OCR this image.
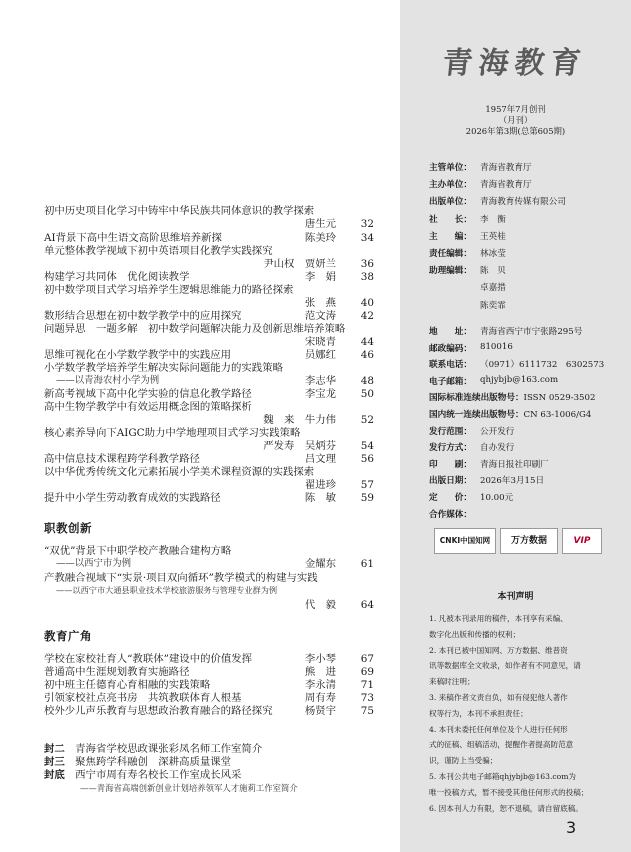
初中历史项目化学习中铸牢中华民族共同体意识的教学探索
唐生元 32
AI背景下高中生语文高阶思维培养新探	陈美玲 34
单元整体教学视域下初中英语项目化教学实践探究
尹山权　贾妍兰 36
构建学习共同体　优化阅读教学	李　娟 38
初中数学项目式学习培养学生逻辑思维能力的路径探索
张　燕 40
数形结合思想在初中数学教学中的应用探究	范文涛 42
问题异思　一题多解　初中数学问题解决能力及创新思维培养策略
宋晓青 44
思维可视化在小学数学教学中的实践应用	员娜红 46
小学数学教学培养学生解决实际问题能力的实践策略
——以青海农村小学为例	李志华 48
新高考视域下高中化学实验的信息化教学路径	李宝龙 50
高中生物学教学中有效运用概念图的策略探析
魏　来　牛力伟 52
核心素养导向下AIGC助力中学地理项目式学习实践策略
严发寿　吴炳芬 54
高中信息技术课程跨学科教学路径	吕文理 56
以中华优秀传统文化元素拓展小学美术课程资源的实践探索
翟进珍 57
提升中小学生劳动教育成效的实践路径	陈　敏 59
职教创新
“双优”背景下中职学校产教融合建构方略
——以西宁市为例	金耀东 61
产教融合视域下“实景·项目双向循环”教学模式的构建与实践
——以西宁市大通县职业技术学校旅游服务与管理专业群为例
代　毅 64
教育广角
学校在家校社育人“教联体”建设中的价值发挥	李小琴 67
普通高中生涯规划教育实施路径	熊　进 69
初中班主任德育心育相融的实践策略	李永清 71
引领家校社点亮书房　共筑教联体育人根基	周有寿 73
校外少儿声乐教育与思想政治教育融合的路径探究	杨贤宇 75
封二　 青海省学校思政课张彩凤名师工作室简介
封三　 聚焦跨学科融创　深耕高质量课堂
封底　 西宁市周有寿名校长工作室成长风采
——青海省高端创新创业计划培养领军人才施莉工作室简介
青海教育
1957年7月创刊
（月刊）
2026年第3期(总第605期)
CNKI中国知网	万方数据	VIP
本刊声明
3
主管单位： 青海省教育厅
主办单位： 青海省教育厅
出版单位： 青海教育传媒有限公司
社　　长： 李　衡
主　　编： 王英桂
责任编辑： 林冰莹
助理编辑： 陈　贝
卓嘉措
陈奕霏
地　　址： 青海省西宁市宁张路295号
邮政编码： 810016
联系电话： （0971）6111732　6302573
电子邮箱： qhjybjb@163.com
国际标准连续出版物号：ISSN 0529-3502
国内统一连续出版物号：CN 63-1006/G4
发行范围： 公开发行
发行方式： 自办发行
印　　刷： 青海日报社印刷厂
出版日期： 2026年3月15日
定　　价： 10.00元
合作媒体：
1. 凡被本刊录用的稿件，本刊享有采编、
数字化出版和传播的权利；
2. 本刊已被中国知网、万方数据、维普资
讯等数据库全文收录，如作者有不同意见，请
来稿时注明；
3. 来稿作者文责自负，如有侵犯他人著作
权等行为，本刊不承担责任；
4. 本刊未委托任何单位及个人进行任何形
式的征稿、组稿活动，提醒作者提高防范意
识，谨防上当受骗；
5. 本刊公共电子邮箱qhjybjb@163.com为
唯一投稿方式，暂不接受其他任何形式的投稿；
6. 因本刊人力有限，恕不退稿，请自留底稿。
